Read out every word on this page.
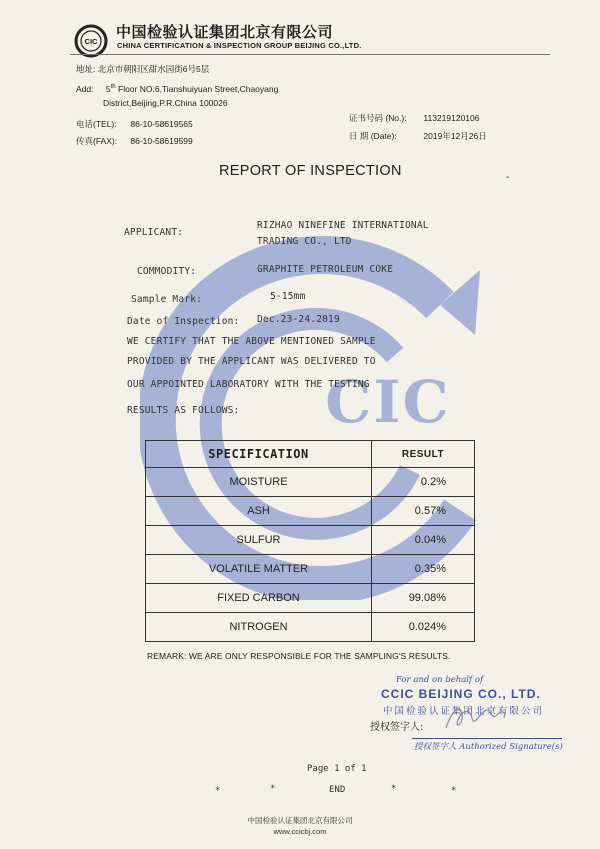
CIC
中国检验认证集团北京有限公司
CHINA CERTIFICATION & INSPECTION GROUP BEIJING CO.,LTD.
地址: 北京市朝阳区甜水园街6号5层
Add: 5th Floor NO.6,Tianshuiyuan Street,Chaoyang
District,Beijing,P.R.China 100026
电话(TEL): 86-10-58619565
传真(FAX): 86-10-58619599
证书号码 (No.): 113219120106
日 期 (Date):	2019年12月26日
REPORT OF INSPECTION	-
CIC
APPLICANT:
RIZHAO NINEFINE INTERNATIONAL
TRADING CO., LTD
COMMODITY:	GRAPHITE PETROLEUM COKE
Sample Mark:	5-15mm
Date of Inspection: Dec.23-24.2019
WE CERTIFY THAT THE ABOVE MENTIONED SAMPLE
PROVIDED BY THE APPLICANT WAS DELIVERED TO
OUR APPOINTED LABORATORY WITH THE TESTING
RESULTS AS FOLLOWS:
SPECIFICATION	RESULT
MOISTURE	0.2%
ASH	0.57%
SULFUR	0.04%
VOLATILE MATTER	0.35%
FIXED CARBON	99.08%
NITROGEN	0.024%
REMARK: WE ARE ONLY RESPONSIBLE FOR THE SAMPLING'S RESULTS.
For and on behalf of
CCIC BEIJING CO., LTD.
中国检验认证集团北京有限公司
授权签字人:
授权签字人 Authorized Signature(s)
Page 1 of 1
*	*	END	*	*
中国检验认证集团北京有限公司
www.ccicbj.com
